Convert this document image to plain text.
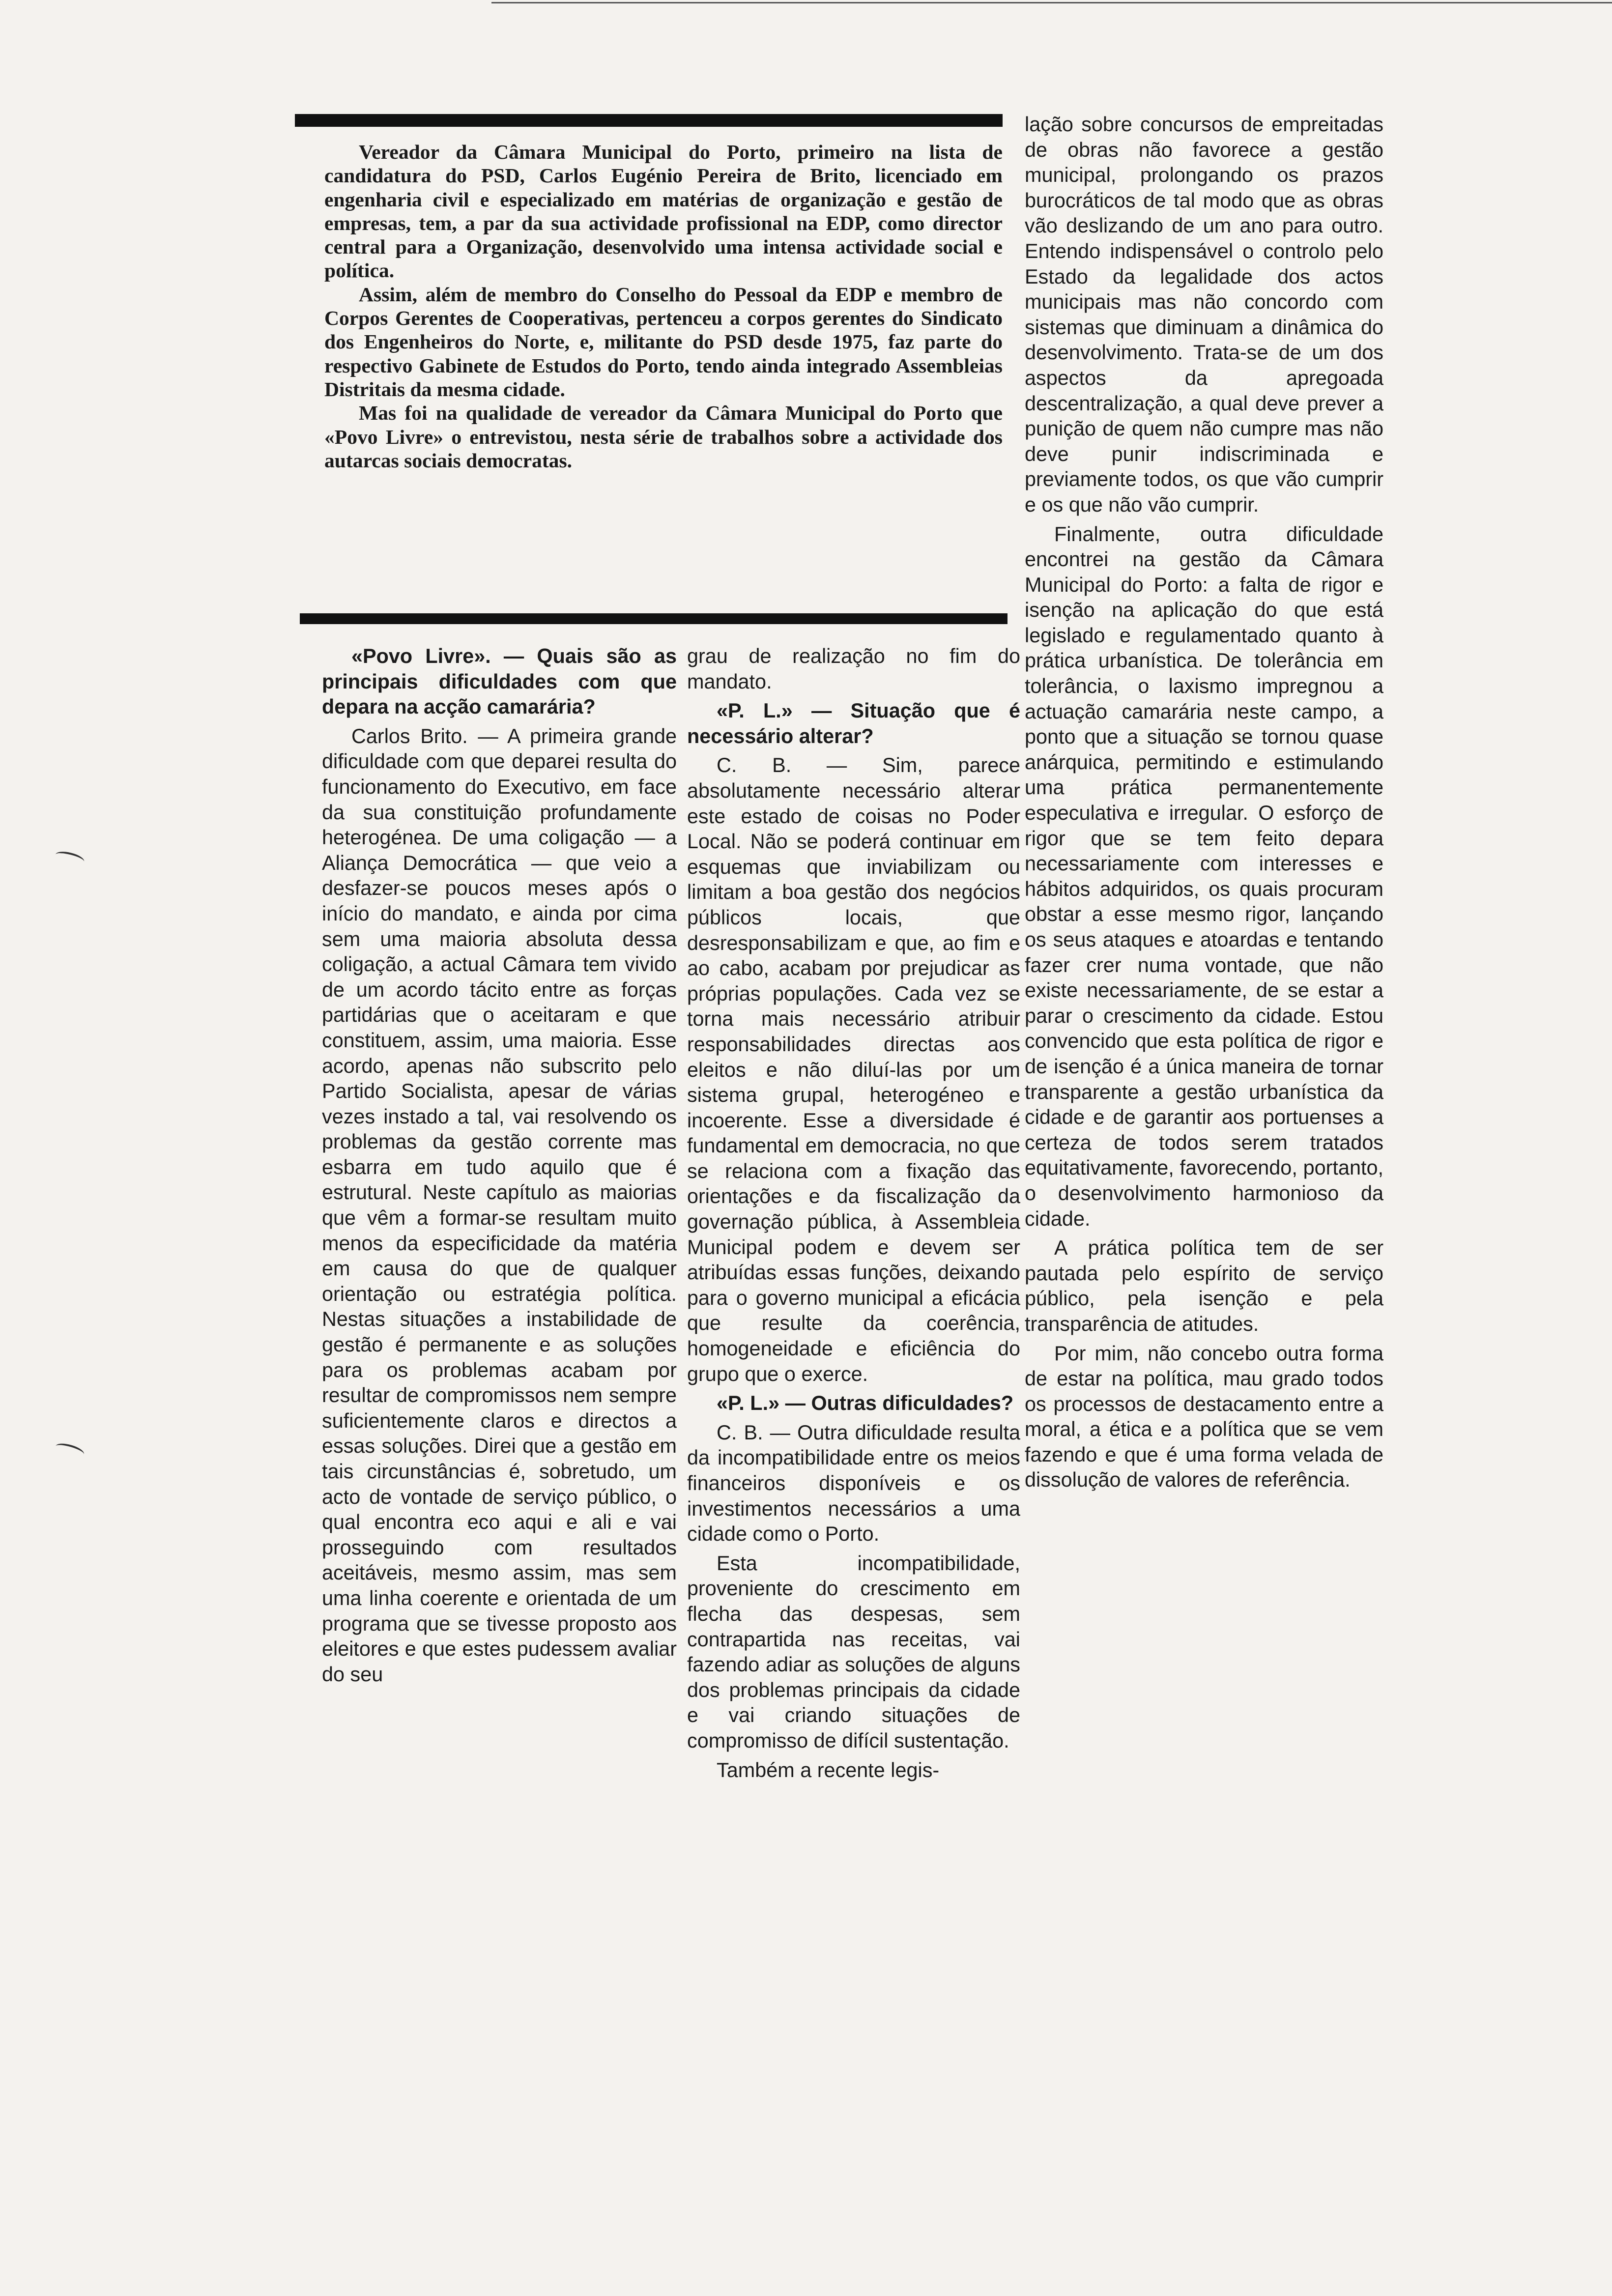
Vereador da Câmara Municipal do Porto, primeiro na lista de candidatura do PSD, Carlos Eugénio Pereira de Brito, licenciado em engenharia civil e especializado em matérias de organização e gestão de empresas, tem, a par da sua actividade profissional na EDP, como director central para a Organização, desenvolvido uma intensa actividade social e política.

Assim, além de membro do Conselho do Pessoal da EDP e membro de Corpos Gerentes de Cooperativas, pertenceu a corpos gerentes do Sindicato dos Engenheiros do Norte, e, militante do PSD desde 1975, faz parte do respectivo Gabinete de Estudos do Porto, tendo ainda integrado Assembleias Distritais da mesma cidade.

Mas foi na qualidade de vereador da Câmara Municipal do Porto que «Povo Livre» o entrevistou, nesta série de trabalhos sobre a actividade dos autarcas sociais democratas.

«Povo Livre». — Quais são as principais dificuldades com que depara na acção camarária?

Carlos Brito. — A primeira grande dificuldade com que deparei resulta do funcionamento do Executivo, em face da sua constituição profundamente heterogénea. De uma coligação — a Aliança Democrática — que veio a desfazer-se poucos meses após o início do mandato, e ainda por cima sem uma maioria absoluta dessa coligação, a actual Câmara tem vivido de um acordo tácito entre as forças partidárias que o aceitaram e que constituem, assim, uma maioria. Esse acordo, apenas não subscrito pelo Partido Socialista, apesar de várias vezes instado a tal, vai resolvendo os problemas da gestão corrente mas esbarra em tudo aquilo que é estrutural. Neste capítulo as maiorias que vêm a formar-se resultam muito menos da especificidade da matéria em causa do que de qualquer orientação ou estratégia política. Nestas situações a instabilidade de gestão é permanente e as soluções para os problemas acabam por resultar de compromissos nem sempre suficientemente claros e directos a essas soluções. Direi que a gestão em tais circunstâncias é, sobretudo, um acto de vontade de serviço público, o qual encontra eco aqui e ali e vai prosseguindo com resultados aceitáveis, mesmo assim, mas sem uma linha coerente e orientada de um programa que se tivesse proposto aos eleitores e que estes pudessem avaliar do seu

grau de realização no fim do mandato.

«P. L.» — Situação que é necessário alterar?

C. B. — Sim, parece absolutamente necessário alterar este estado de coisas no Poder Local. Não se poderá continuar em esquemas que inviabilizam ou limitam a boa gestão dos negócios públicos locais, que desresponsabilizam e que, ao fim e ao cabo, acabam por prejudicar as próprias populações. Cada vez se torna mais necessário atribuir responsabilidades directas aos eleitos e não diluí-las por um sistema grupal, heterogéneo e incoerente. Esse a diversidade é fundamental em democracia, no que se relaciona com a fixação das orientações e da fiscalização da governação pública, à Assembleia Municipal podem e devem ser atribuídas essas funções, deixando para o governo municipal a eficácia que resulte da coerência, homogeneidade e eficiência do grupo que o exerce.

«P. L.» — Outras dificuldades?

C. B. — Outra dificuldade resulta da incompatibilidade entre os meios financeiros disponíveis e os investimentos necessários a uma cidade como o Porto.

Esta incompatibilidade, proveniente do crescimento em flecha das despesas, sem contrapartida nas receitas, vai fazendo adiar as soluções de alguns dos problemas principais da cidade e vai criando situações de compromisso de difícil sustentação.

Também a recente legis-

lação sobre concursos de empreitadas de obras não favorece a gestão municipal, prolongando os prazos burocráticos de tal modo que as obras vão deslizando de um ano para outro. Entendo indispensável o controlo pelo Estado da legalidade dos actos municipais mas não concordo com sistemas que diminuam a dinâmica do desenvolvimento. Trata-se de um dos aspectos da apregoada descentralização, a qual deve prever a punição de quem não cumpre mas não deve punir indiscriminada e previamente todos, os que vão cumprir e os que não vão cumprir.

Finalmente, outra dificuldade encontrei na gestão da Câmara Municipal do Porto: a falta de rigor e isenção na aplicação do que está legislado e regulamentado quanto à prática urbanística. De tolerância em tolerância, o laxismo impregnou a actuação camarária neste campo, a ponto que a situação se tornou quase anárquica, permitindo e estimulando uma prática permanentemente especulativa e irregular. O esforço de rigor que se tem feito depara necessariamente com interesses e hábitos adquiridos, os quais procuram obstar a esse mesmo rigor, lançando os seus ataques e atoardas e tentando fazer crer numa vontade, que não existe necessariamente, de se estar a parar o crescimento da cidade. Estou convencido que esta política de rigor e de isenção é a única maneira de tornar transparente a gestão urbanística da cidade e de garantir aos portuenses a certeza de todos serem tratados equitativamente, favorecendo, portanto, o desenvolvimento harmonioso da cidade.

A prática política tem de ser pautada pelo espírito de serviço público, pela isenção e pela transparência de atitudes.

Por mim, não concebo outra forma de estar na política, mau grado todos os processos de destacamento entre a moral, a ética e a política que se vem fazendo e que é uma forma velada de dissolução de valores de referência.
